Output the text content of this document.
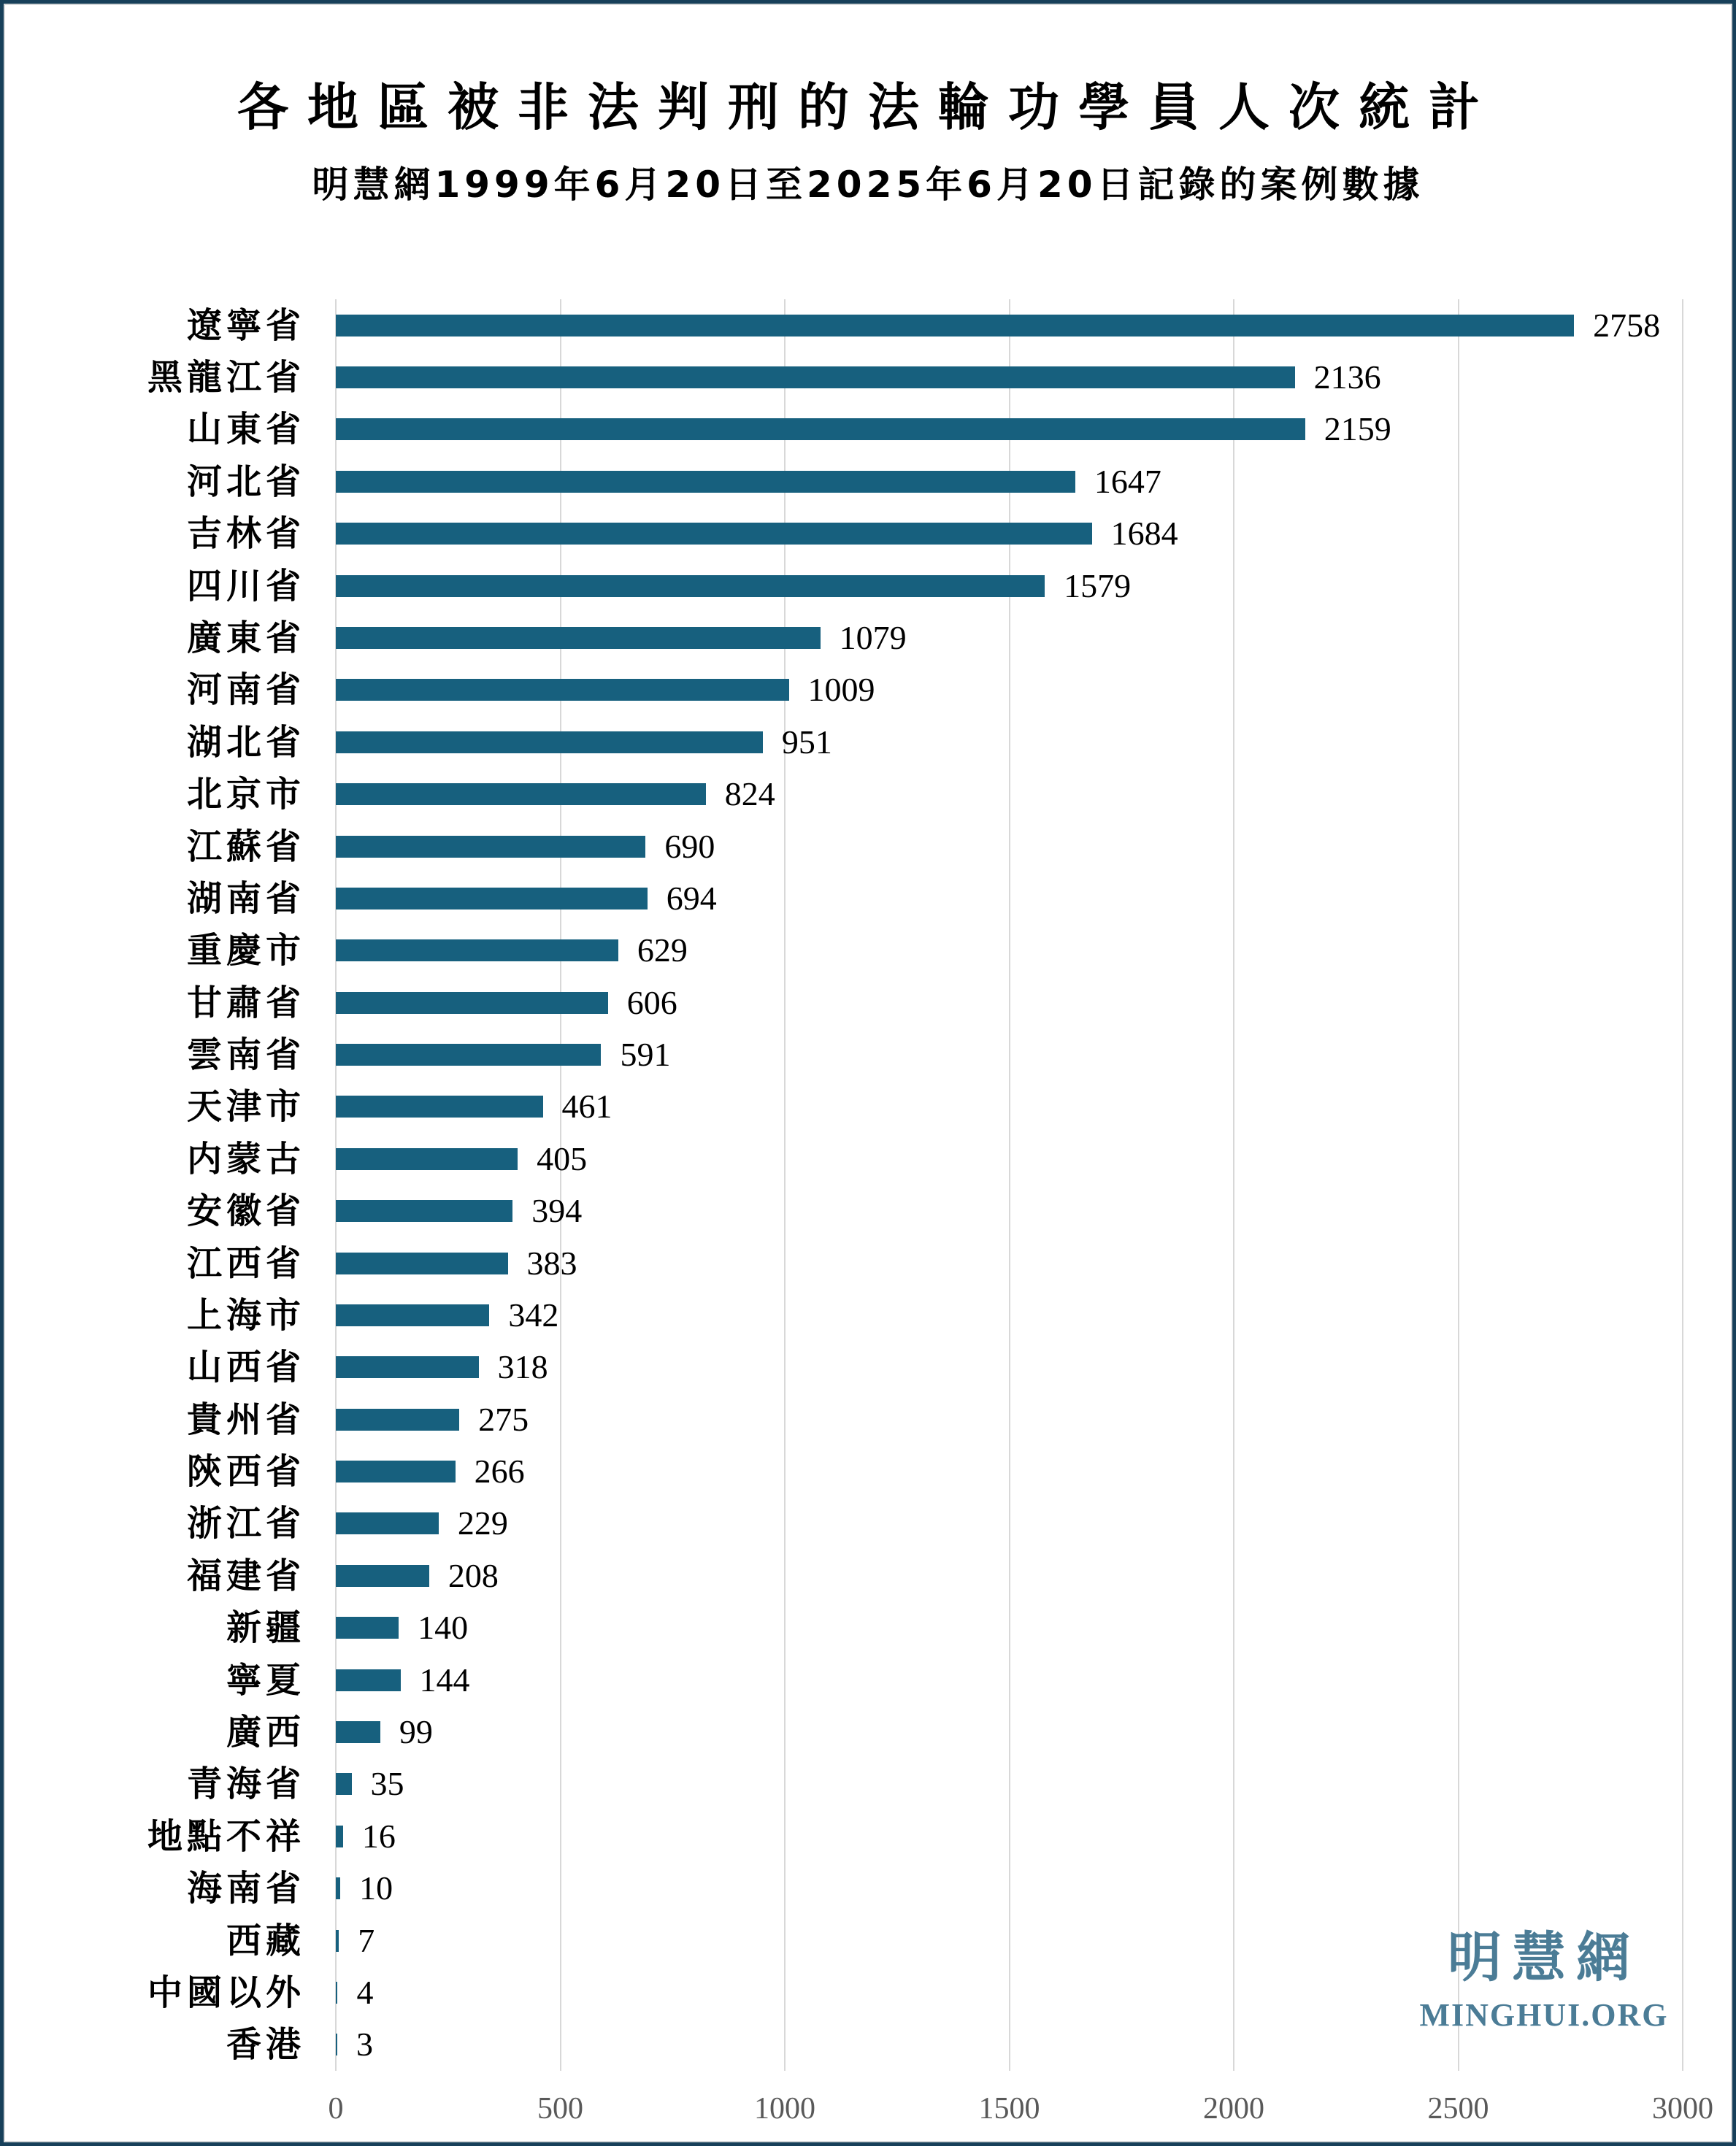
各地區被非法判刑的法輪功學員人次統計
明慧網1999年6月20日至2025年6月20日記錄的案例數據
遼寧省	2758
黑龍江省	2136
山東省	2159
河北省	1647
吉林省	1684
四川省	1579
廣東省	1079
河南省	1009
湖北省	951
北京市	824
江蘇省	690
湖南省	694
重慶市	629
甘肅省	606
雲南省	591
天津市	461
内蒙古	405
安徽省	394
江西省	383
上海市	342
山西省	318
貴州省	275
陝西省	266
浙江省	229
福建省	208
新疆	140
寧夏	144
廣西	99
青海省 35
地點不祥 16
海南省 10
西藏 7
中國以外 4
香港 3
0	500	1000	1500	2000	2500	3000
明慧網
MINGHUI.ORG
